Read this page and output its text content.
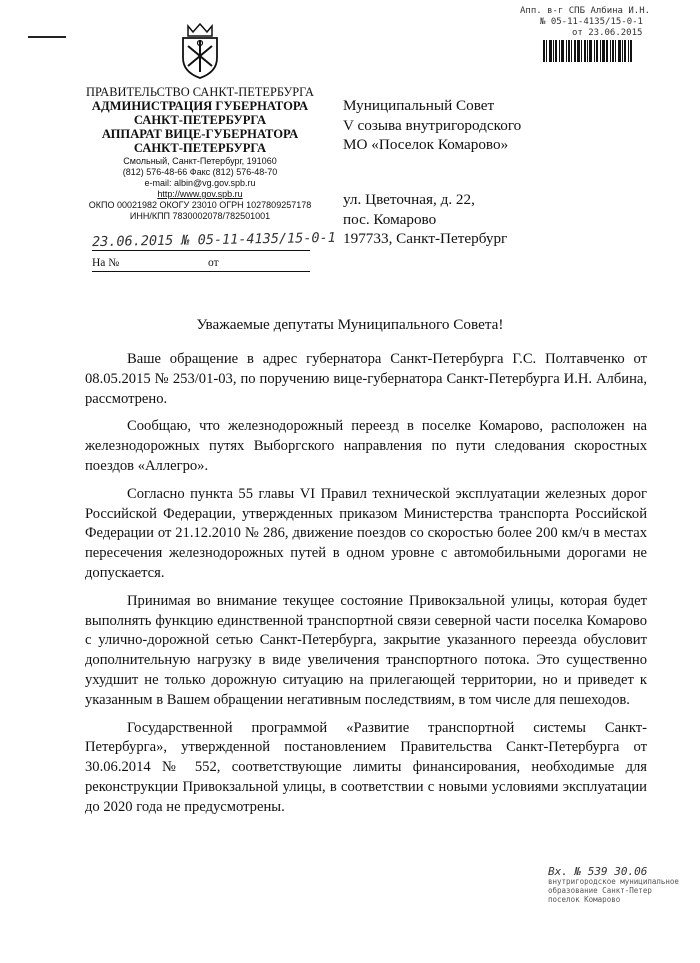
Апп. в-г СПБ Албина И.Н.
№ 05-11-4135/15-0-1
от 23.06.2015
ПРАВИТЕЛЬСТВО САНКТ-ПЕТЕРБУРГА
АДМИНИСТРАЦИЯ ГУБЕРНАТОРА
САНКТ-ПЕТЕРБУРГА
АППАРАТ ВИЦЕ-ГУБЕРНАТОРА
САНКТ-ПЕТЕРБУРГА
Смольный, Санкт-Петербург, 191060
(812) 576-48-66 Факс (812) 576-48-70
e-mail: albin@vg.gov.spb.ru
http://www.gov.spb.ru
ОКПО 00021982 ОКОГУ 23010 ОГРН 1027809257178
ИНН/КПП 7830002078/782501001
23.06.2015 № 05-11-4135/15-0-1
На №	от
Муниципальный Совет
V созыва внутригородского
МО «Поселок Комарово»
ул. Цветочная, д. 22,
пос. Комарово
197733, Санкт-Петербург
Уважаемые депутаты Муниципального Совета!

Ваше обращение в адрес губернатора Санкт-Петербурга Г.С. Полтавченко от 08.05.2015 № 253/01-03, по поручению вице-губернатора Санкт-Петербурга И.Н. Албина, рассмотрено.

Сообщаю, что железнодорожный переезд в поселке Комарово, расположен на железнодорожных путях Выборгского направления по пути следования скоростных поездов «Аллегро».

Согласно пункта 55 главы VI Правил технической эксплуатации железных дорог Российской Федерации, утвержденных приказом Министерства транспорта Российской Федерации от 21.12.2010 № 286, движение поездов со скоростью более 200 км/ч в местах пересечения железнодорожных путей в одном уровне с автомобильными дорогами не допускается.

Принимая во внимание текущее состояние Привокзальной улицы, которая будет выполнять функцию единственной транспортной связи северной части поселка Комарово с улично-дорожной сетью Санкт-Петербурга, закрытие указанного переезда обусловит дополнительную нагрузку в виде увеличения транспортного потока. Это существенно ухудшит не только дорожную ситуацию на прилегающей территории, но и приведет к указанным в Вашем обращении негативным последствиям, в том числе для пешеходов.

Государственной программой «Развитие транспортной системы Санкт-Петербурга», утвержденной постановлением Правительства Санкт-Петербурга от 30.06.2014 № 552, соответствующие лимиты финансирования, необходимые для реконструкции Привокзальной улицы, в соответствии с новыми условиями эксплуатации до 2020 года не предусмотрены.

Вх. № 539 30.06
внутригородское муниципальное
образование Санкт-Петер
поселок Комарово
